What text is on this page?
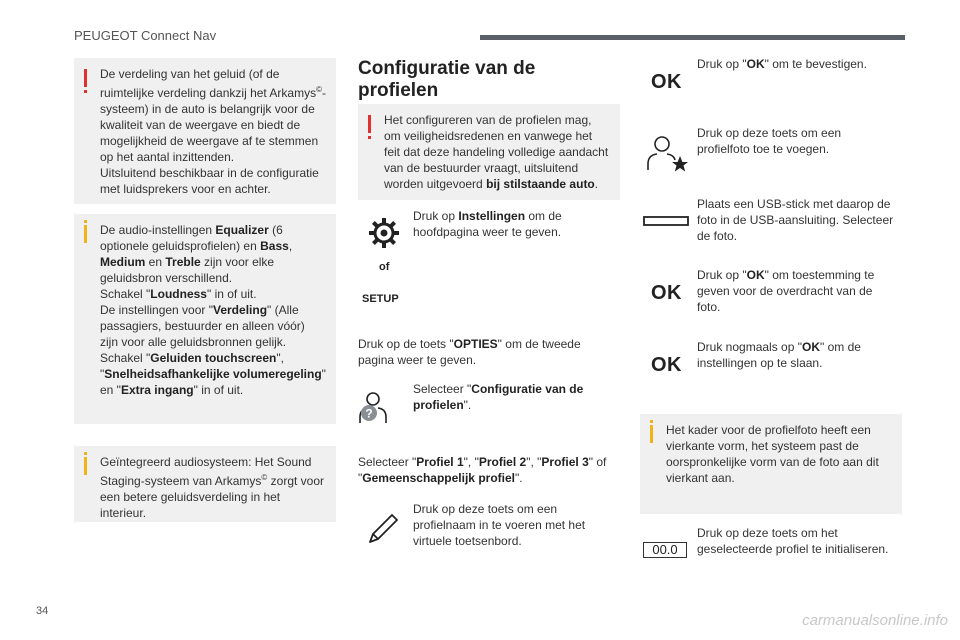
PEUGEOT Connect Nav

De verdeling van het geluid (of de ruimtelijke verdeling dankzij het Arkamys©-systeem) in de auto is belangrijk voor de kwaliteit van de weergave en biedt de mogelijkheid de weergave af te stemmen op het aantal inzittenden.

Uitsluitend beschikbaar in de configuratie met luidsprekers voor en achter.

De audio-instellingen Equalizer (6 optionele geluidsprofielen) en Bass, Medium en Treble zijn voor elke geluidsbron verschillend.

Schakel "Loudness" in of uit.

De instellingen voor "Verdeling" (Alle passagiers, bestuurder en alleen vóór) zijn voor alle geluidsbronnen gelijk.

Schakel "Geluiden touchscreen", "Snelheidsafhankelijke volumeregeling" en "Extra ingang" in of uit.

Geïntegreerd audiosysteem: Het Sound Staging-systeem van Arkamys© zorgt voor een betere geluidsverdeling in het interieur.

Configuratie van de profielen

Het configureren van de profielen mag, om veiligheidsredenen en vanwege het feit dat deze handeling volledige aandacht van de bestuurder vraagt, uitsluitend worden uitgevoerd bij stilstaande auto.

Druk op Instellingen om de hoofdpagina weer te geven.
of
SETUP
Druk op de toets "OPTIES" om de tweede pagina weer te geven.
?
Selecteer "Configuratie van de profielen".
Selecteer "Profiel 1", "Profiel 2", "Profiel 3" of "Gemeenschappelijk profiel".
Druk op deze toets om een profielnaam in te voeren met het virtuele toetsenbord.
OK
Druk op "OK" om te bevestigen.
Druk op deze toets om een profielfoto toe te voegen.
Plaats een USB-stick met daarop de foto in de USB-aansluiting. Selecteer de foto.
OK
Druk op "OK" om toestemming te geven voor de overdracht van de foto.
OK
Druk nogmaals op "OK" om de instellingen op te slaan.

Het kader voor de profielfoto heeft een vierkante vorm, het systeem past de oorspronkelijke vorm van de foto aan dit vierkant aan.

00.0
Druk op deze toets om het geselecteerde profiel te initialiseren.
34
carmanualsonline.info
